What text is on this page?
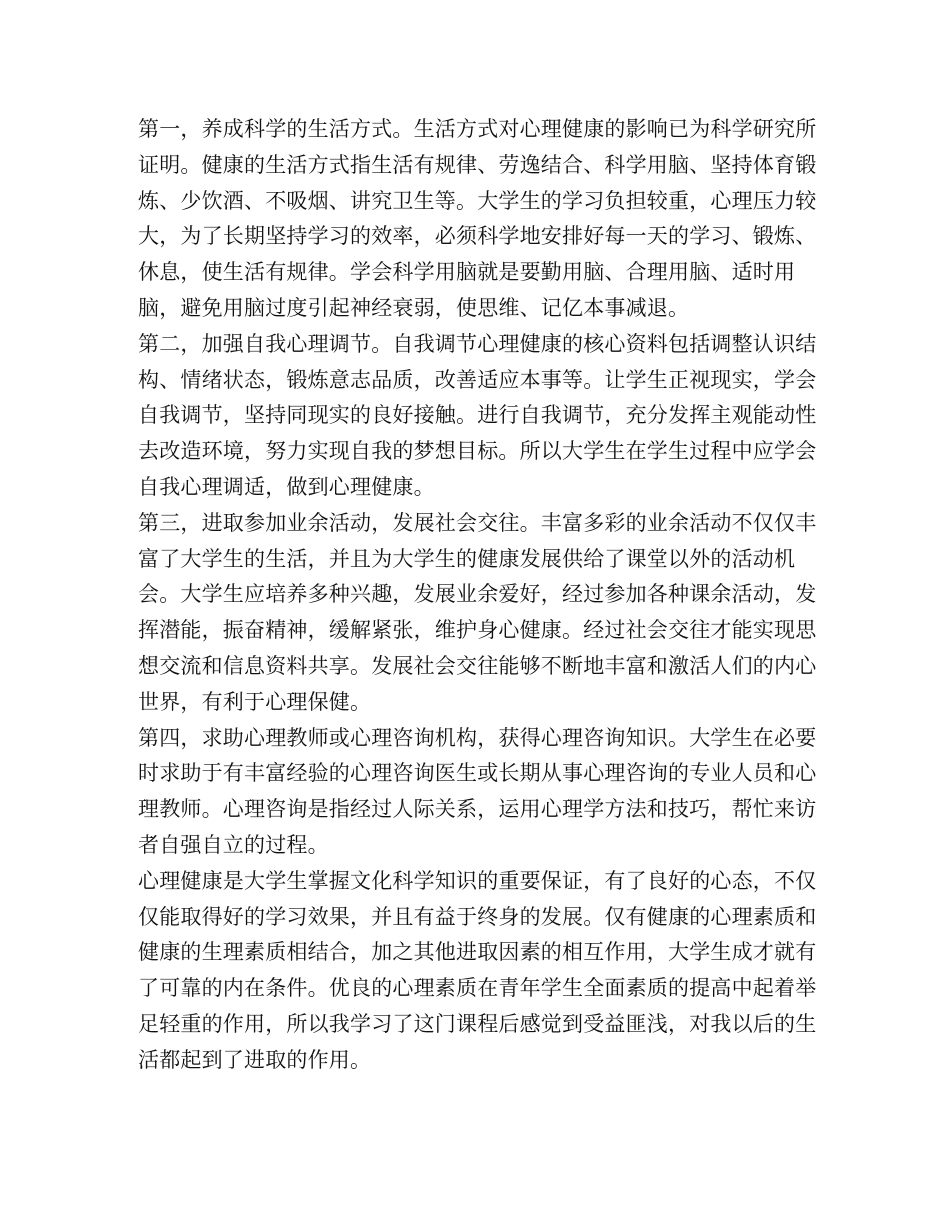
第一，养成科学的生活方式。生活方式对心理健康的影响已为科学研究所证明。健康的生活方式指生活有规律、劳逸结合、科学用脑、坚持体育锻炼、少饮酒、不吸烟、讲究卫生等。大学生的学习负担较重，心理压力较大，为了长期坚持学习的效率，必须科学地安排好每一天的学习、锻炼、休息，使生活有规律。学会科学用脑就是要勤用脑、合理用脑、适时用脑，避免用脑过度引起神经衰弱，使思维、记亿本事减退。

第二，加强自我心理调节。自我调节心理健康的核心资料包括调整认识结构、情绪状态，锻炼意志品质，改善适应本事等。让学生正视现实，学会自我调节，坚持同现实的良好接触。进行自我调节，充分发挥主观能动性去改造环境，努力实现自我的梦想目标。所以大学生在学生过程中应学会自我心理调适，做到心理健康。

第三，进取参加业余活动，发展社会交往。丰富多彩的业余活动不仅仅丰富了大学生的生活，并且为大学生的健康发展供给了课堂以外的活动机会。大学生应培养多种兴趣，发展业余爱好，经过参加各种课余活动，发挥潜能，振奋精神，缓解紧张，维护身心健康。经过社会交往才能实现思想交流和信息资料共享。发展社会交往能够不断地丰富和激活人们的内心世界，有利于心理保健。

第四，求助心理教师或心理咨询机构，获得心理咨询知识。大学生在必要时求助于有丰富经验的心理咨询医生或长期从事心理咨询的专业人员和心理教师。心理咨询是指经过人际关系，运用心理学方法和技巧，帮忙来访者自强自立的过程。

心理健康是大学生掌握文化科学知识的重要保证，有了良好的心态，不仅仅能取得好的学习效果，并且有益于终身的发展。仅有健康的心理素质和健康的生理素质相结合，加之其他进取因素的相互作用，大学生成才就有了可靠的内在条件。优良的心理素质在青年学生全面素质的提高中起着举足轻重的作用，所以我学习了这门课程后感觉到受益匪浅，对我以后的生活都起到了进取的作用。
